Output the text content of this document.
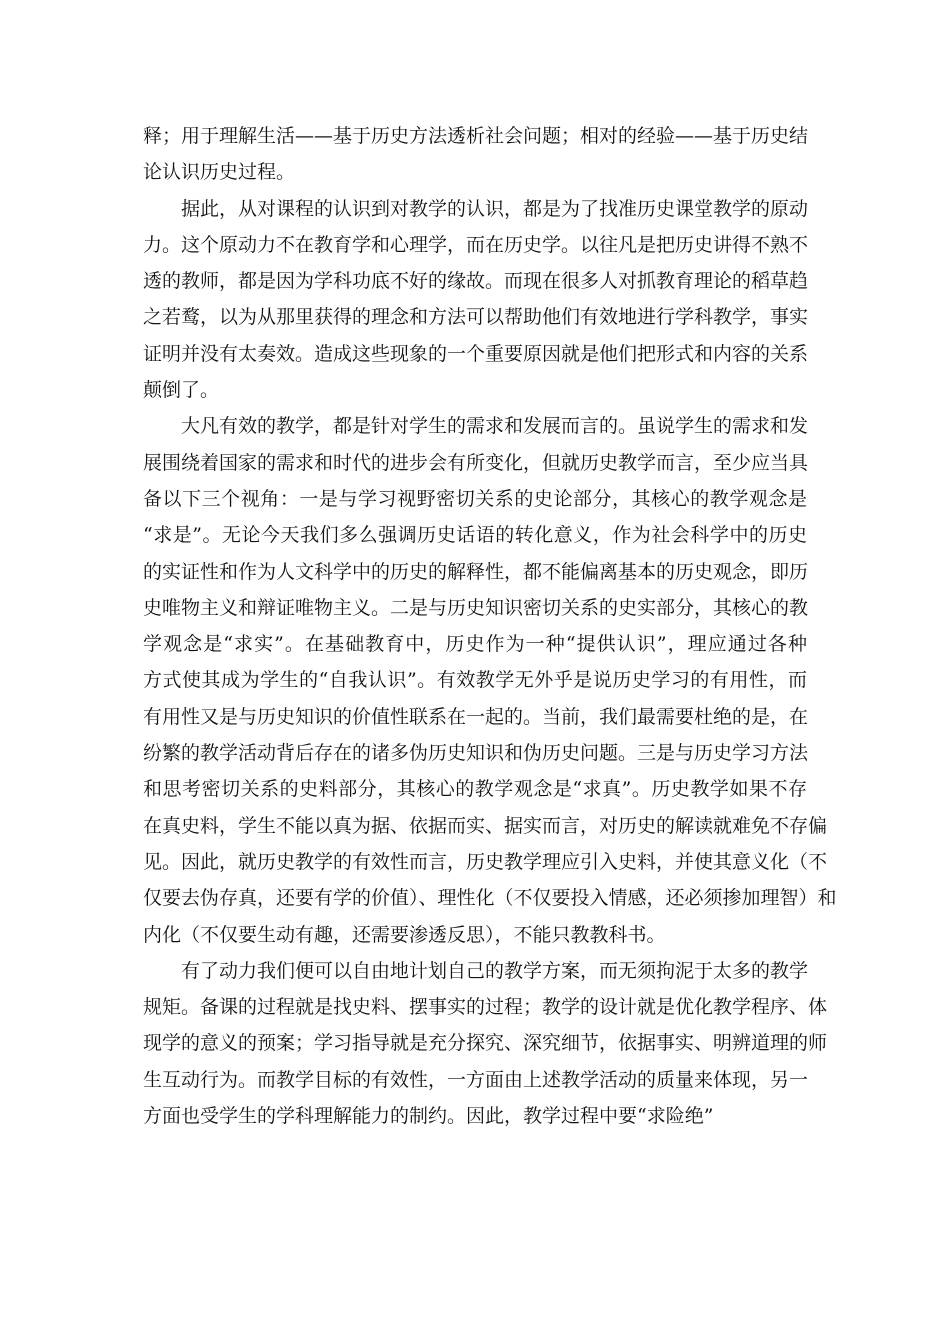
释；用于理解生活——基于历史方法透析社会问题；相对的经验——基于历史结
论认识历史过程。
据此，从对课程的认识到对教学的认识，都是为了找准历史课堂教学的原动
力。这个原动力不在教育学和心理学，而在历史学。以往凡是把历史讲得不熟不
透的教师，都是因为学科功底不好的缘故。而现在很多人对抓教育理论的稻草趋
之若鹜，以为从那里获得的理念和方法可以帮助他们有效地进行学科教学，事实
证明并没有太奏效。造成这些现象的一个重要原因就是他们把形式和内容的关系
颠倒了。
大凡有效的教学，都是针对学生的需求和发展而言的。虽说学生的需求和发
展围绕着国家的需求和时代的进步会有所变化，但就历史教学而言，至少应当具
备以下三个视角：一是与学习视野密切关系的史论部分，其核心的教学观念是
“求是”。无论今天我们多么强调历史话语的转化意义，作为社会科学中的历史
的实证性和作为人文科学中的历史的解释性，都不能偏离基本的历史观念，即历
史唯物主义和辩证唯物主义。二是与历史知识密切关系的史实部分，其核心的教
学观念是“求实”。在基础教育中，历史作为一种“提供认识”，理应通过各种
方式使其成为学生的“自我认识”。有效教学无外乎是说历史学习的有用性，而
有用性又是与历史知识的价值性联系在一起的。当前，我们最需要杜绝的是，在
纷繁的教学活动背后存在的诸多伪历史知识和伪历史问题。三是与历史学习方法
和思考密切关系的史料部分，其核心的教学观念是“求真”。历史教学如果不存
在真史料，学生不能以真为据、依据而实、据实而言，对历史的解读就难免不存偏
见。因此，就历史教学的有效性而言，历史教学理应引入史料，并使其意义化（不
仅要去伪存真，还要有学的价值）、理性化（不仅要投入情感，还必须掺加理智）和
内化（不仅要生动有趣，还需要渗透反思），不能只教教科书。
有了动力我们便可以自由地计划自己的教学方案，而无须拘泥于太多的教学
规矩。备课的过程就是找史料、摆事实的过程；教学的设计就是优化教学程序、体
现学的意义的预案；学习指导就是充分探究、深究细节，依据事实、明辨道理的师
生互动行为。而教学目标的有效性，一方面由上述教学活动的质量来体现，另一
方面也受学生的学科理解能力的制约。因此，教学过程中要“求险绝”
